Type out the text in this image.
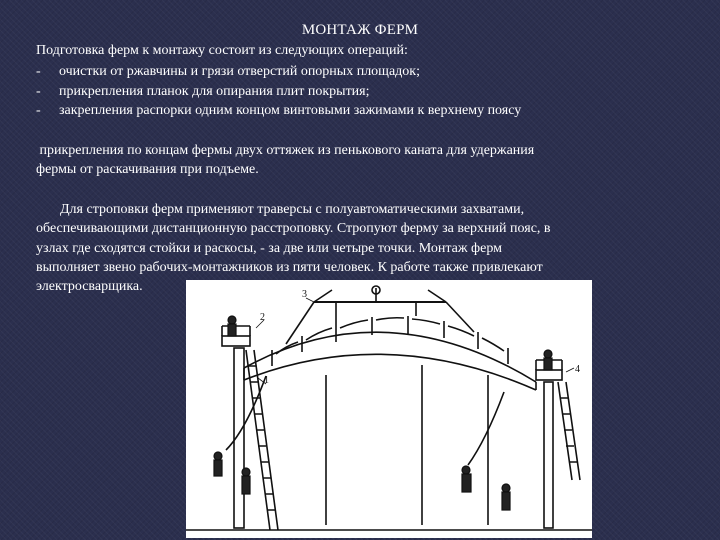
МОНТАЖ ФЕРМ
Подготовка ферм к монтажу состоит из следующих операций:
- очистки от ржавчины и грязи отверстий опорных площадок;
- прикрепления планок для опирания плит покрытия;
- закрепления распорки одним концом винтовыми зажимами к верхнему поясу
прикрепления по концам фермы двух оттяжек из пенькового каната для удержания
фермы от раскачивания при подъеме.
Для строповки ферм применяют траверсы с полуавтоматическими захватами,
обеспечивающими дистанционную расстроповку. Стропуют ферму за верхний пояс, в
узлах где сходятся стойки и раскосы, - за две или четыре точки. Монтаж ферм
выполняет звено рабочих-монтажников из пяти человек. К работе также привлекают
электросварщика.
1
2
3
4
